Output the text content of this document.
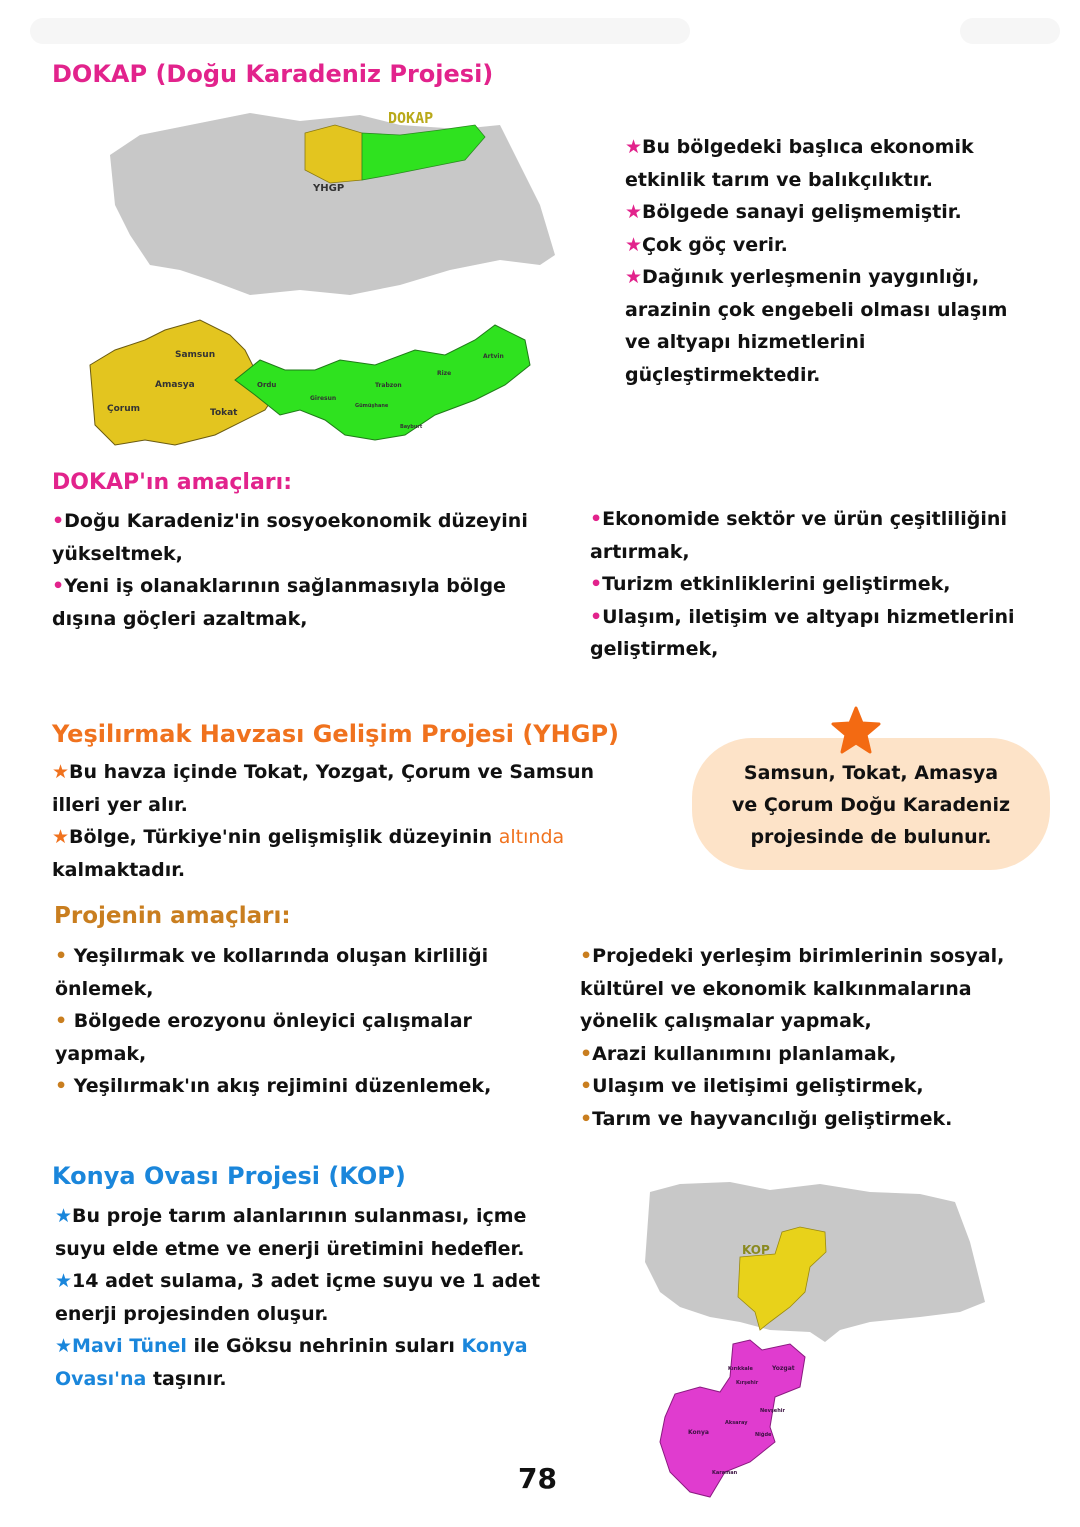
DOKAP (Doğu Karadeniz Projesi)
DOKAP
YHGP
★Bu bölgedeki başlıca ekonomik
etkinlik tarım ve balıkçılıktır.
★Bölgede sanayi gelişmemiştir.
★Çok göç verir.
★Dağınık yerleşmenin yaygınlığı,
arazinin çok engebeli olması ulaşım
ve altyapı hizmetlerini
güçleştirmektedir.
Samsun
Amasya
Çorum	Tokat
Ordu
Giresun
Trabzon
Gümüşhane
Bayburt
Rize
Artvin
DOKAP'ın amaçları:
•Doğu Karadeniz'in sosyoekonomik düzeyini
yükseltmek,
•Yeni iş olanaklarının sağlanmasıyla bölge
dışına göçleri azaltmak,
•Ekonomide sektör ve ürün çeşitliliğini
artırmak,
•Turizm etkinliklerini geliştirmek,
•Ulaşım, iletişim ve altyapı hizmetlerini
geliştirmek,
Yeşilırmak Havzası Gelişim Projesi (YHGP)
★Bu havza içinde Tokat, Yozgat, Çorum ve Samsun
illeri yer alır.
★Bölge, Türkiye'nin gelişmişlik düzeyinin altında
kalmaktadır.
Samsun, Tokat, Amasya
ve Çorum Doğu Karadeniz
projesinde de bulunur.
Projenin amaçları:
• Yeşilırmak ve kollarında oluşan kirliliği
önlemek,
• Bölgede erozyonu önleyici çalışmalar
yapmak,
• Yeşilırmak'ın akış rejimini düzenlemek,
•Projedeki yerleşim birimlerinin sosyal,
kültürel ve ekonomik kalkınmalarına
yönelik çalışmalar yapmak,
•Arazi kullanımını planlamak,
•Ulaşım ve iletişimi geliştirmek,
•Tarım ve hayvancılığı geliştirmek.
Konya Ovası Projesi (KOP)
★Bu proje tarım alanlarının sulanması, içme
suyu elde etme ve enerji üretimini hedefler.
★14 adet sulama, 3 adet içme suyu ve 1 adet
enerji projesinden oluşur.
★Mavi Tünel ile Göksu nehrinin suları Konya
Ovası'na taşınır.
KOP
Kırıkkale	Yozgat
Kırşehir
Nevşehir
Aksaray
Konya	Niğde
Karaman
78
